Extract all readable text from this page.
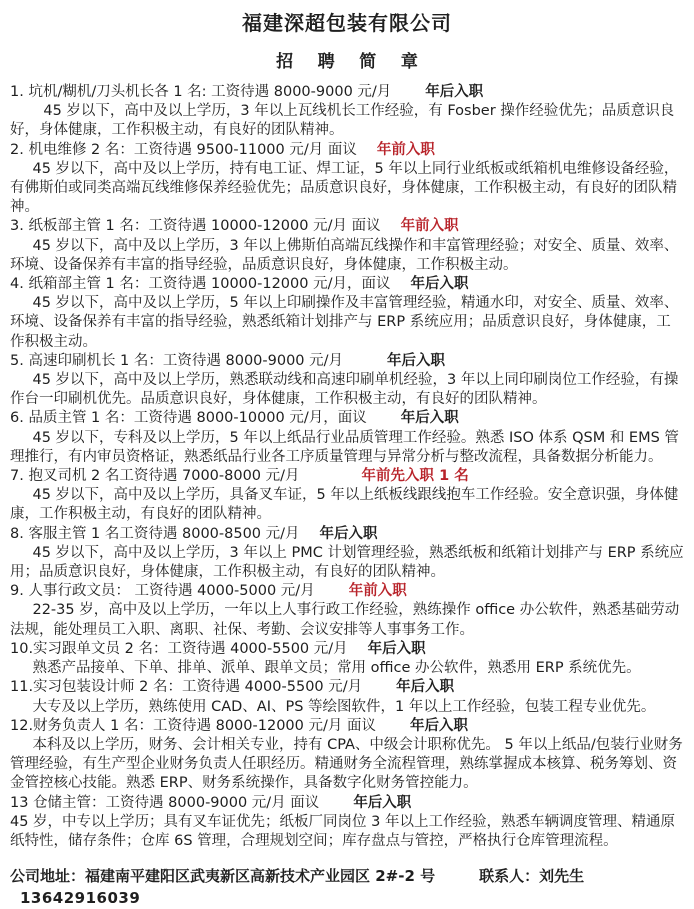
福建深超包装有限公司
招 聘 简 章

1. 坑机/糊机/刀头机长各 1 名: 工资待遇 8000-9000 元/月 年后入职

45 岁以下，高中及以上学历，3 年以上瓦线机长工作经验，有 Fosber 操作经验优先；品质意识良好，身体健康，工作积极主动，有良好的团队精神。

2. 机电维修 2 名：工资待遇 9500-11000 元/月 面议 年前入职

45 岁以下，高中及以上学历，持有电工证、焊工证，5 年以上同行业纸板或纸箱机电维修设备经验，有佛斯伯或同类高端瓦线维修保养经验优先；品质意识良好，身体健康，工作积极主动，有良好的团队精神。

3. 纸板部主管 1 名：工资待遇 10000-12000 元/月 面议 年前入职

45 岁以下，高中及以上学历，3 年以上佛斯伯高端瓦线操作和丰富管理经验；对安全、质量、效率、环境、设备保养有丰富的指导经验，品质意识良好，身体健康，工作积极主动。

4. 纸箱部主管 1 名：工资待遇 10000-12000 元/月，面议 年后入职

45 岁以下，高中及以上学历，5 年以上印刷操作及丰富管理经验，精通水印，对安全、质量、效率、环境、设备保养有丰富的指导经验，熟悉纸箱计划排产与 ERP 系统应用；品质意识良好，身体健康，工作积极主动。

5. 高速印刷机长 1 名：工资待遇 8000-9000 元/月	年后入职

45 岁以下，高中及以上学历，熟悉联动线和高速印刷单机经验，3 年以上同印刷岗位工作经验，有操作台一印刷机优先。品质意识良好，身体健康，工作积极主动，有良好的团队精神。

6. 品质主管 1 名：工资待遇 8000-10000 元/月，面议 年后入职

45 岁以下，专科及以上学历，5 年以上纸品行业品质管理工作经验。熟悉 ISO 体系 QSM 和 EMS 管理推行，有内审员资格证，熟悉纸品行业各工序质量管理与异常分析与整改流程，具备数据分析能力。

7. 抱叉司机 2 名工资待遇 7000-8000 元/月	年前先入职 1 名

45 岁以下，高中及以上学历，具备叉车证，5 年以上纸板线跟线抱车工作经验。安全意识强，身体健康，工作积极主动，有良好的团队精神。

8. 客服主管 1 名工资待遇 8000-8500 元/月 年后入职

45 岁以下，高中及以上学历，3 年以上 PMC 计划管理经验，熟悉纸板和纸箱计划排产与 ERP 系统应用；品质意识良好，身体健康，工作积极主动，有良好的团队精神。

9. 人事行政文员： 工资待遇 4000-5000 元/月 年前入职

22-35 岁，高中及以上学历，一年以上人事行政工作经验，熟练操作 office 办公软件，熟悉基础劳动法规，能处理员工入职、离职、社保、考勤、会议安排等人事事务工作。

10.实习跟单文员 2 名：工资待遇 4000-5500 元/月 年后入职

熟悉产品接单、下单、排单、派单、跟单文员；常用 office 办公软件，熟悉用 ERP 系统优先。

11.实习包装设计师 2 名：工资待遇 4000-5500 元/月 年后入职

大专及以上学历，熟练使用 CAD、AI、PS 等绘图软件，1 年以上工作经验，包装工程专业优先。

12.财务负责人 1 名：工资待遇 8000-12000 元/月 面议 年后入职

本科及以上学历，财务、会计相关专业，持有 CPA、中级会计职称优先。 5 年以上纸品/包装行业财务管理经验，有生产型企业财务负责人任职经历。精通财务全流程管理，熟练掌握成本核算、税务筹划、资金管控核心技能。熟悉 ERP、财务系统操作，具备数字化财务管控能力。

13 仓储主管：工资待遇 8000-9000 元/月 面议 年后入职

45 岁，中专以上学历；具有叉车证优先；纸板厂同岗位 3 年以上工作经验，熟悉车辆调度管理、精通原纸特性，储存条件；仓库 6S 管理，合理规划空间；库存盘点与管控，严格执行仓库管理流程。

公司地址：福建南平建阳区武夷新区高新技术产业园区 2#-2 号	联系人：刘先生13642916039
